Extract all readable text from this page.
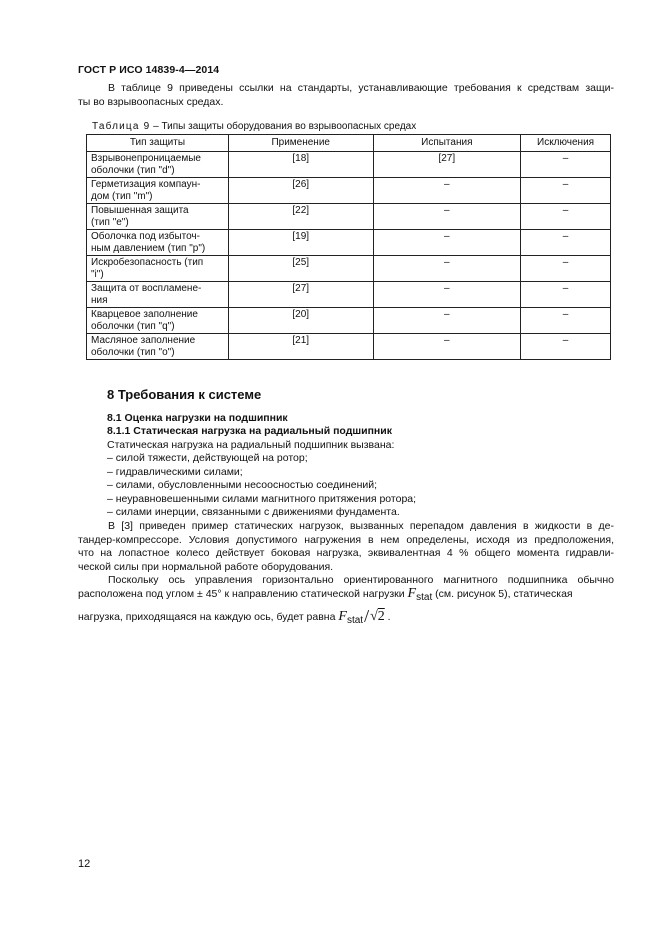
ГОСТ Р ИСО 14839-4—2014
В таблице 9 приведены ссылки на стандарты, устанавливающие требования к средствам защи-
ты во взрывоопасных средах.
Таблица 9 – Типы защиты оборудования во взрывоопасных средах
Тип защиты	Применение	Испытания	Исключения

Взрывонепроницаемые
оболочки (тип "d")	[18]	[27]	–

Герметизация компаун-
дом (тип "m")	[26]	–	–

Повышенная защита
(тип "e")	[22]	–	–

Оболочка под избыточ-
ным давлением (тип "p")	[19]	–	–

Искробезопасность (тип
"i")	[25]	–	–

Защита от воспламене-
ния	[27]	–	–

Кварцевое заполнение
оболочки (тип "q")	[20]	–	–

Масляное заполнение
оболочки (тип "o")	[21]	–	–
8 Требования к системе
8.1 Оценка нагрузки на подшипник
8.1.1 Статическая нагрузка на радиальный подшипник
Статическая нагрузка на радиальный подшипник вызвана:
– силой тяжести, действующей на ротор;
– гидравлическими силами;
– силами, обусловленными несоосностью соединений;
– неуравновешенными силами магнитного притяжения ротора;
– силами инерции, связанными с движениями фундамента.
В [3] приведен пример статических нагрузок, вызванных перепадом давления в жидкости в де-
тандер-компрессоре. Условия допустимого нагружения в нем определены, исходя из предположения,
что на лопастное колесо действует боковая нагрузка, эквивалентная 4 % общего момента гидравли-
ческой силы при нормальной работе оборудования.
Поскольку ось управления горизонтально ориентированного магнитного подшипника обычно
расположена под углом ± 45° к направлению статической нагрузки $F_{stat}$ (см. рисунок 5), статическая
нагрузка, приходящаяся на каждую ось, будет равна $F_{stat}/√2$ .
12
